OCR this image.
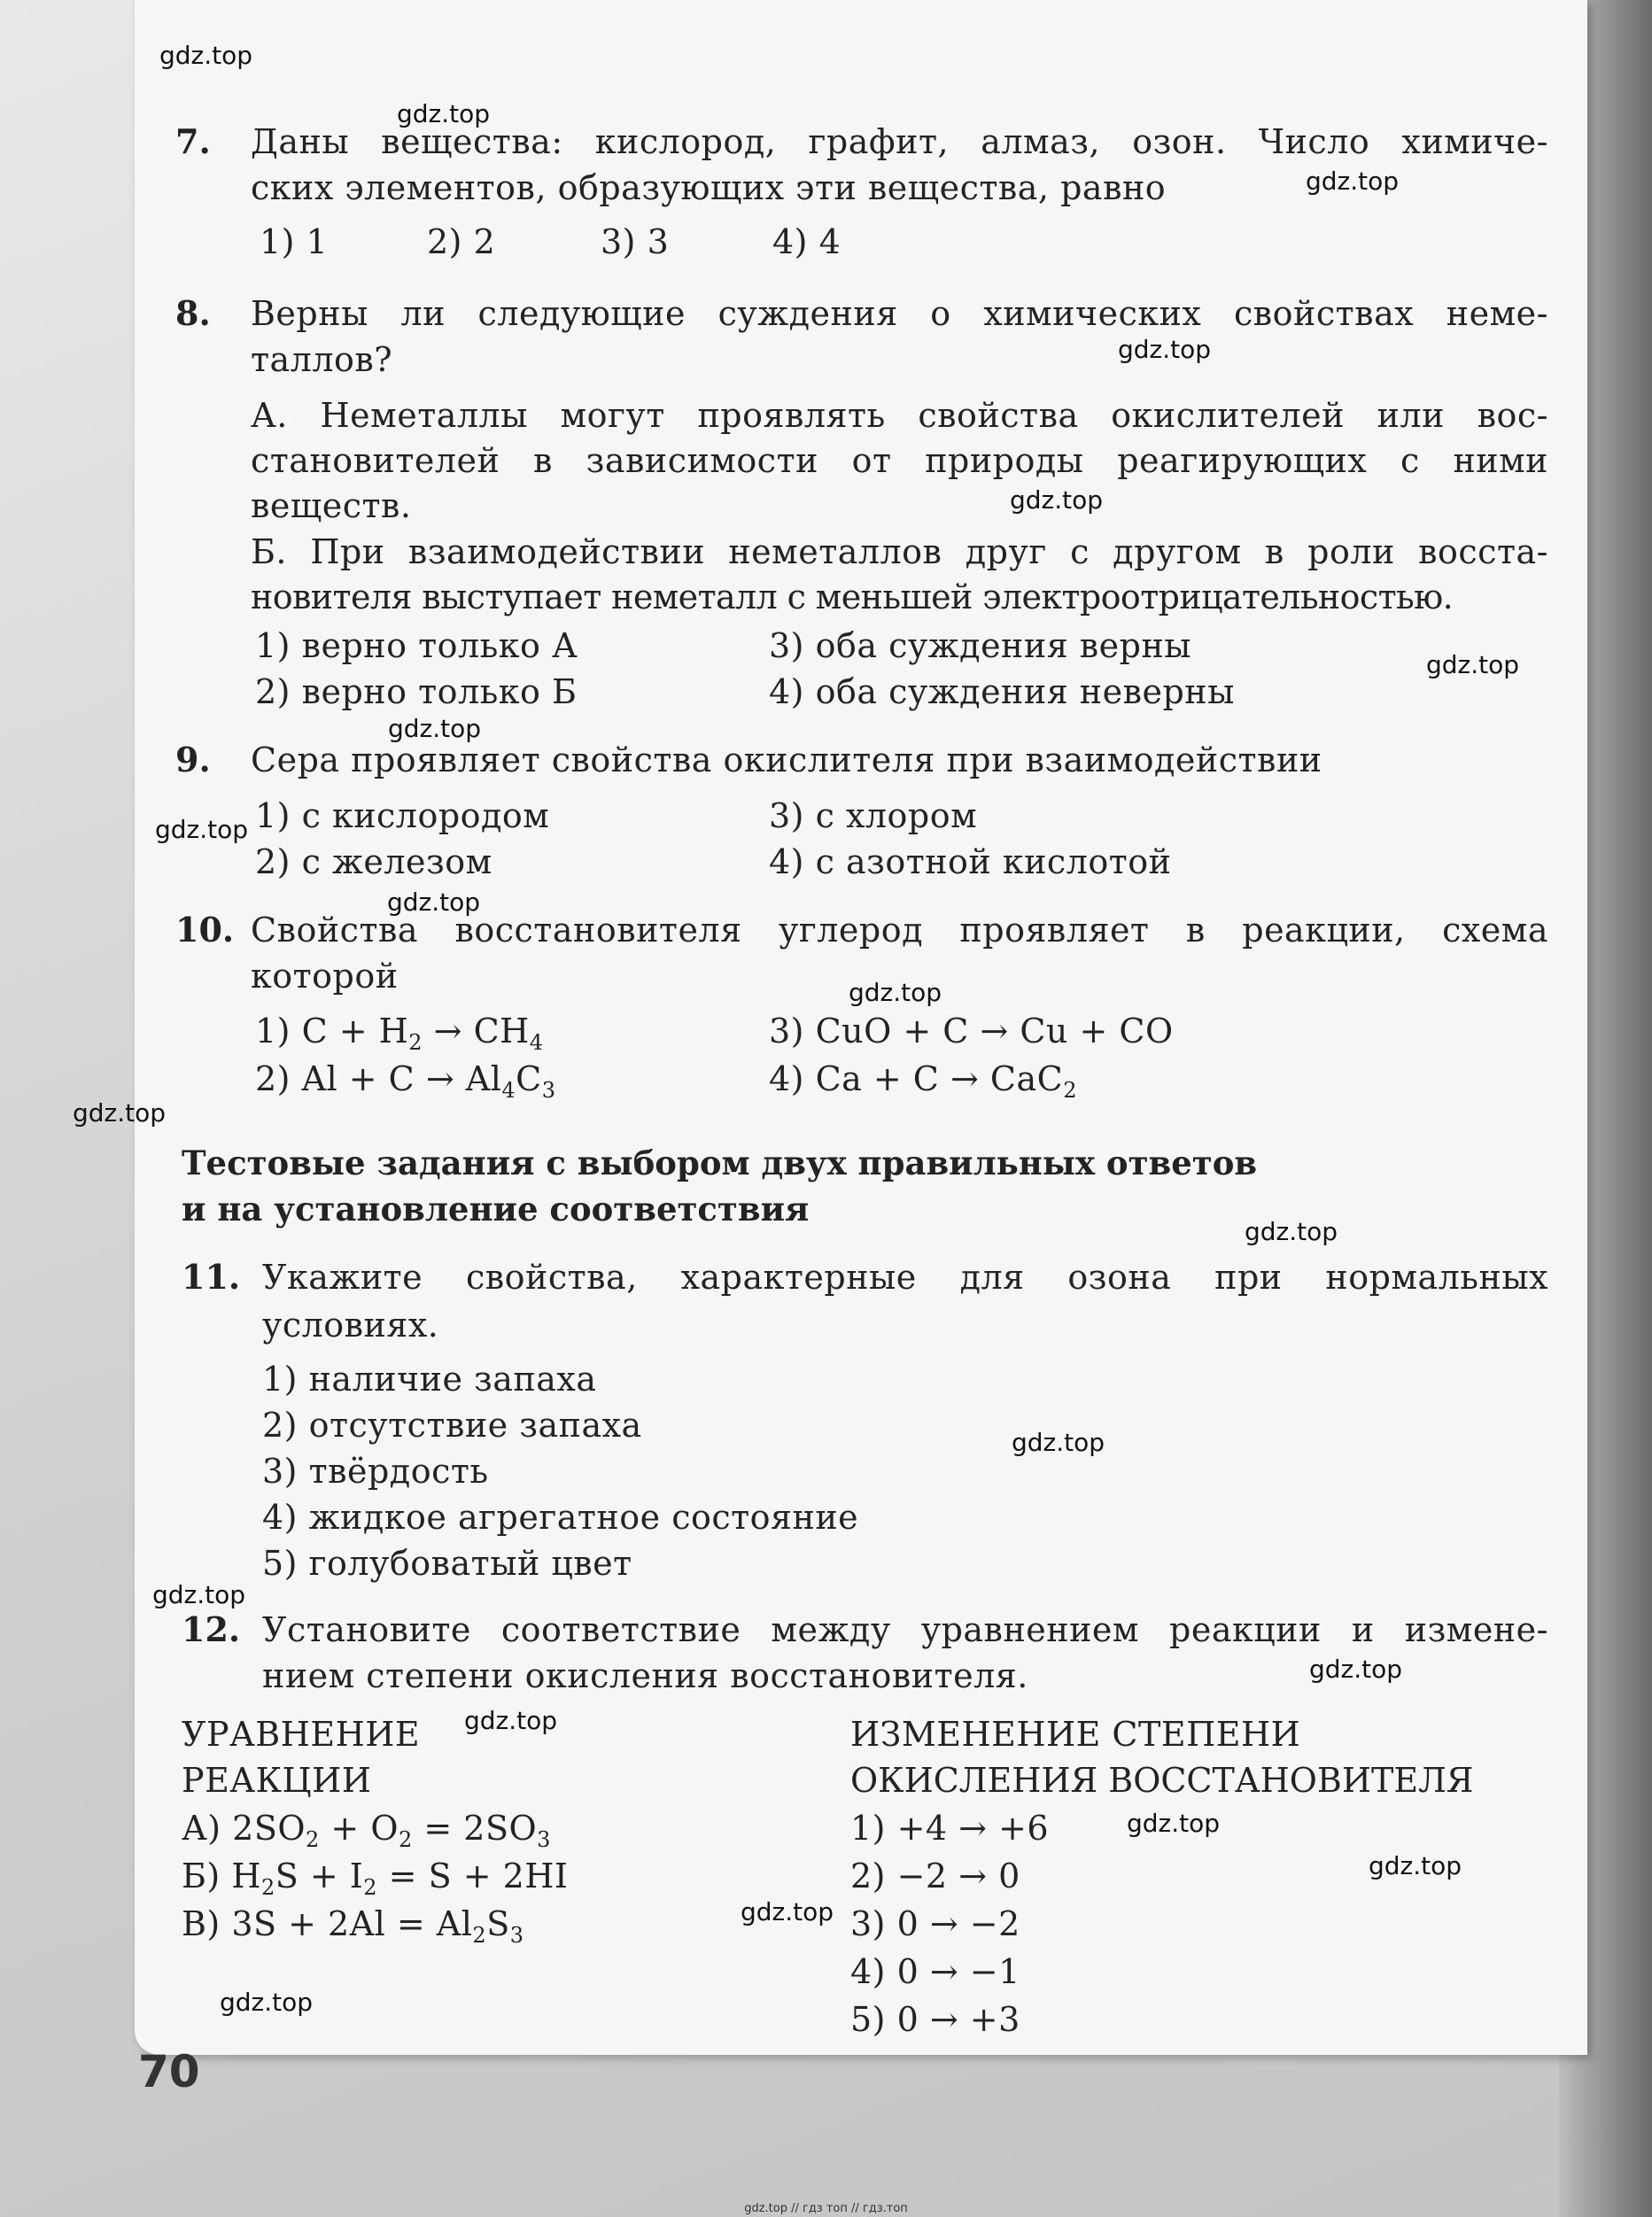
7. Даны вещества: кислород, графит, алмаз, озон. Число химиче-
ских элементов, образующих эти вещества, равно
1) 1	2) 2	3) 3	4) 4
8. Верны ли следующие суждения о химических свойствах неме-
таллов?
А. Неметаллы могут проявлять свойства окислителей или вос-
становителей в зависимости от природы реагирующих с ними
веществ.
Б. При взаимодействии неметаллов друг с другом в роли восста-
новителя выступает неметалл с меньшей электроотрицательностью.
1) верно только А	3) оба суждения верны
2) верно только Б	4) оба суждения неверны
9. Сера проявляет свойства окислителя при взаимодействии
1) с кислородом	3) с хлором
2) с железом	4) с азотной кислотой
10. Свойства восстановителя углерод проявляет в реакции, схема
которой
1) $C + H_2 \to CH_4$	3) CuO + C → Cu + CO
2) $Al + C \to Al_4C_3$	4) Ca + C → CaC$_2$
Тестовые задания с выбором двух правильных ответов
и на установление соответствия
11. Укажите свойства, характерные для озона при нормальных
условиях.
1) наличие запаха
2) отсутствие запаха
3) твёрдость
4) жидкое агрегатное состояние
5) голубоватый цвет
12. Установите соответствие между уравнением реакции и измене-
нием степени окисления восстановителя.
УРАВНЕНИЕ
РЕАКЦИИ
ИЗМЕНЕНИЕ СТЕПЕНИ
ОКИСЛЕНИЯ ВОССТАНОВИТЕЛЯ
А) $2SO_2 + O_2 = 2SO_3$
Б) $H_2S + I_2 = S + 2HI$
В) $3S + 2Al = Al_2S_3$
1) +4 → +6
2) −2 → 0
3) 0 → −2
4) 0 → −1
5) 0 → +3
70
gdz.top
gdz.top
gdz.top
gdz.top
gdz.top
gdz.top
gdz.top
gdz.top
gdz.top
gdz.top
gdz.top
gdz.top
gdz.top
gdz.top
gdz.top
gdz.top
gdz.top
gdz.top
gdz.top
gdz.top
gdz.top // гдз топ // гдз.топ
